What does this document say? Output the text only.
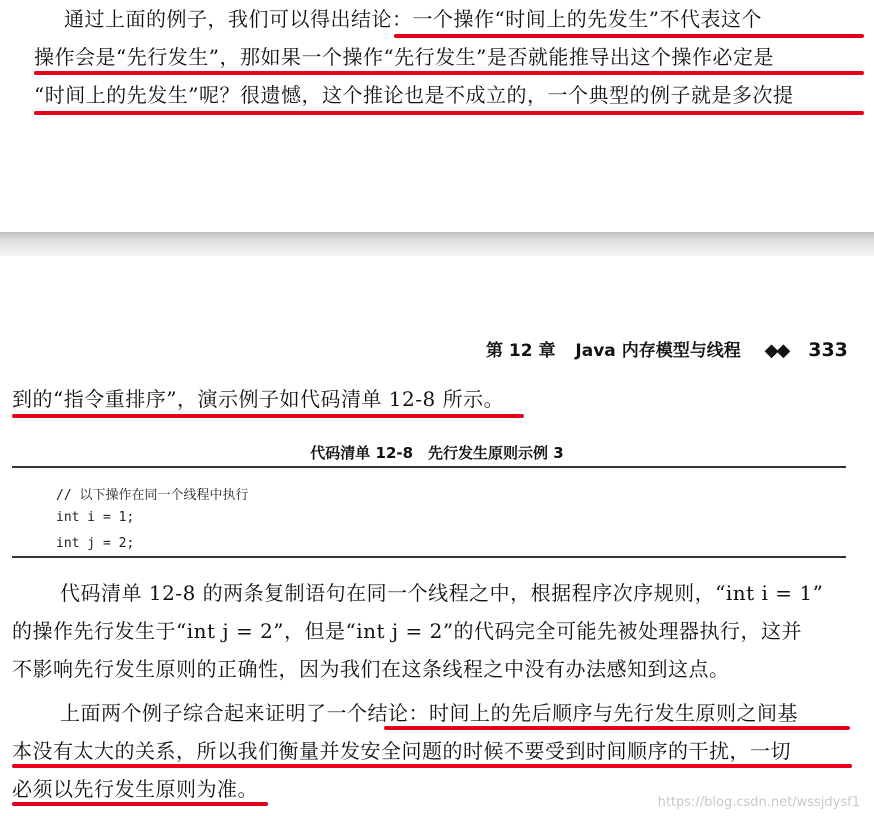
通过上面的例子，我们可以得出结论：一个操作“时间上的先发生”不代表这个
操作会是“先行发生”，那如果一个操作“先行发生”是否就能推导出这个操作必定是
“时间上的先发生”呢？很遗憾，这个推论也是不成立的，一个典型的例子就是多次提
第 12 章 Java 内存模型与线程 ◆◆ 333
到的“指令重排序”，演示例子如代码清单 12-8 所示。
代码清单 12-8　先行发生原则示例 3
// 以下操作在同一个线程中执行
int i = 1;
int j = 2;
代码清单 12-8 的两条复制语句在同一个线程之中，根据程序次序规则，“int i = 1”
的操作先行发生于“int j = 2”，但是“int j = 2”的代码完全可能先被处理器执行，这并
不影响先行发生原则的正确性，因为我们在这条线程之中没有办法感知到这点。
上面两个例子综合起来证明了一个结论：时间上的先后顺序与先行发生原则之间基
本没有太大的关系，所以我们衡量并发安全问题的时候不要受到时间顺序的干扰，一切
必须以先行发生原则为准。
https://blog.csdn.net/wssjdysf1
